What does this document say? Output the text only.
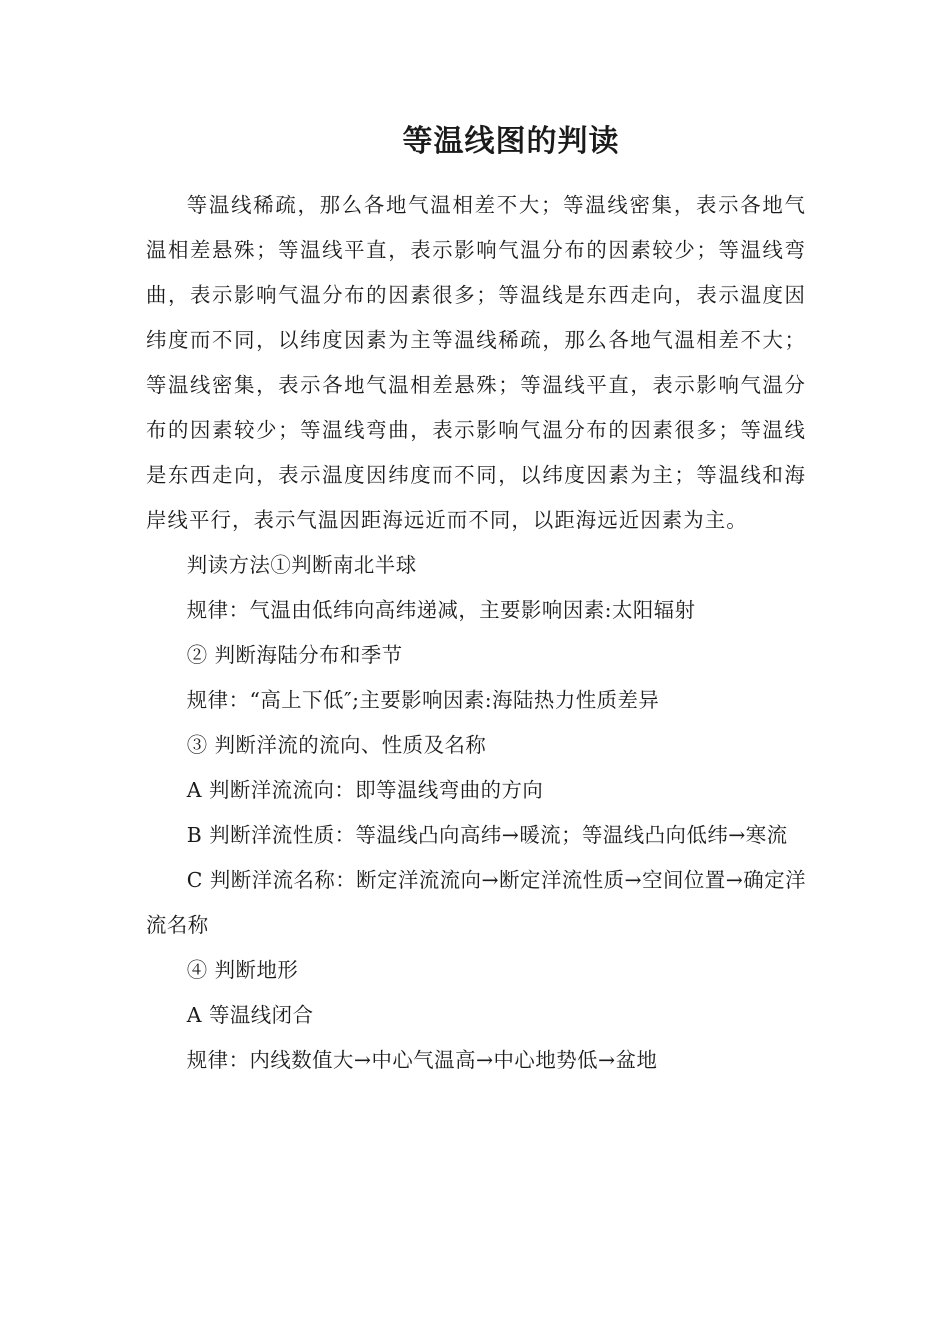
等温线图的判读

等温线稀疏，那么各地气温相差不大；等温线密集，表示各地气温相差悬殊；等温线平直，表示影响气温分布的因素较少；等温线弯曲，表示影响气温分布的因素很多；等温线是东西走向，表示温度因纬度而不同，以纬度因素为主等温线稀疏，那么各地气温相差不大；等温线密集，表示各地气温相差悬殊；等温线平直，表示影响气温分布的因素较少；等温线弯曲，表示影响气温分布的因素很多；等温线是东西走向，表示温度因纬度而不同，以纬度因素为主；等温线和海岸线平行，表示气温因距海远近而不同，以距海远近因素为主。

判读方法①判断南北半球

规律：气温由低纬向高纬递减，主要影响因素:太阳辐射

② 判断海陆分布和季节

规律：“高上下低″;主要影响因素:海陆热力性质差异

③ 判断洋流的流向、性质及名称

A 判断洋流流向：即等温线弯曲的方向

B 判断洋流性质：等温线凸向高纬→暖流；等温线凸向低纬→寒流

C 判断洋流名称：断定洋流流向→断定洋流性质→空间位置→确定洋流名称

④ 判断地形

A 等温线闭合

规律：内线数值大→中心气温高→中心地势低→盆地
